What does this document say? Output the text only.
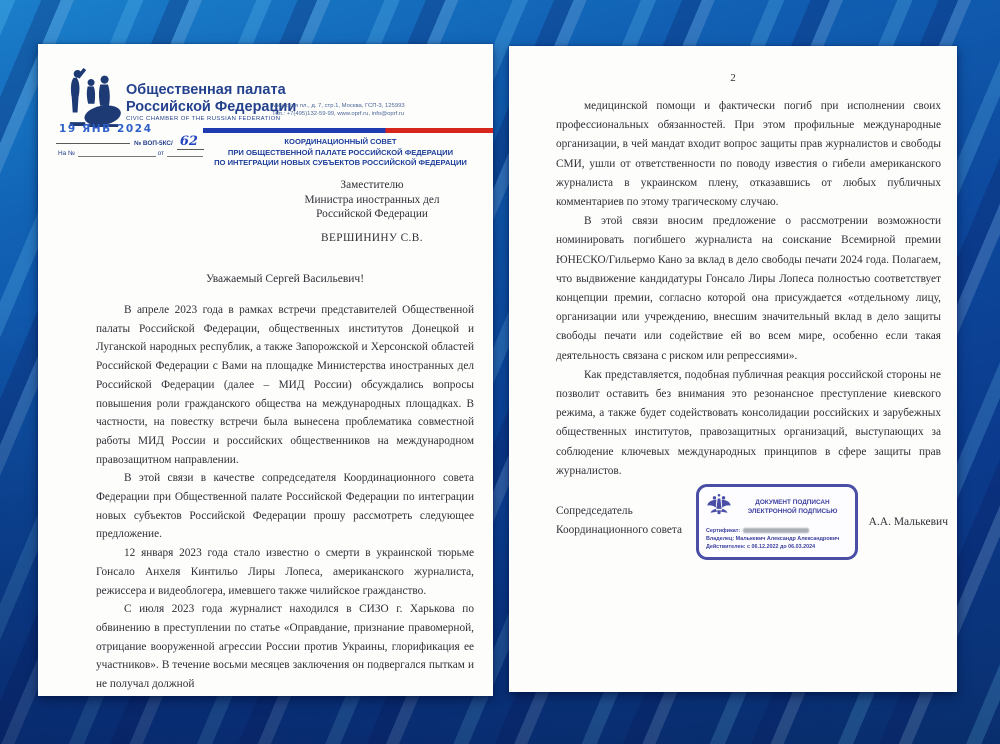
Общественная палата
Российской Федерации
CIVIC CHAMBER OF THE RUSSIAN FEDERATION
Миусская пл., д. 7, стр.1, Москва, ГСП-3, 125993
Тел.: +7(495)132-59-99, www.oprf.ru, info@oprf.ru
КООРДИНАЦИОННЫЙ СОВЕТ
ПРИ ОБЩЕСТВЕННОЙ ПАЛАТЕ РОССИЙСКОЙ ФЕДЕРАЦИИ
ПО ИНТЕГРАЦИИ НОВЫХ СУБЪЕКТОВ РОССИЙСКОЙ ФЕДЕРАЦИИ
19 ЯНВ 2024
№ ВОП-5КС/ 62
На №	от
Заместителю
Министра иностранных дел
Российской Федерации
ВЕРШИНИНУ С.В.
Уважаемый Сергей Васильевич!

В апреле 2023 года в рамках встречи представителей Общественной палаты Российской Федерации, общественных институтов Донецкой и Луганской народных республик, а также Запорожской и Херсонской областей Российской Федерации с Вами на площадке Министерства иностранных дел Российской Федерации (далее – МИД России) обсуждались вопросы повышения роли гражданского общества на международных площадках. В частности, на повестку встречи была вынесена проблематика совместной работы МИД России и российских общественников на международном правозащитном направлении.

В этой связи в качестве сопредседателя Координационного совета Федерации при Общественной палате Российской Федерации по интеграции новых субъектов Российской Федерации прошу рассмотреть следующее предложение.

12 января 2023 года стало известно о смерти в украинской тюрьме Гонсало Анхеля Кинтильо Лиры Лопеса, американского журналиста, режиссера и видеоблогера, имевшего также чилийское гражданство.

С июля 2023 года журналист находился в СИЗО г. Харькова по обвинению в преступлении по статье «Оправдание, признание правомерной, отрицание вооруженной агрессии России против Украины, глорификация ее участников». В течение восьми месяцев заключения он подвергался пыткам и не получал должной

2

медицинской помощи и фактически погиб при исполнении своих профессиональных обязанностей. При этом профильные международные организации, в чей мандат входит вопрос защиты прав журналистов и свободы СМИ, ушли от ответственности по поводу известия о гибели американского журналиста в украинском плену, отказавшись от любых публичных комментариев по этому трагическому случаю.

В этой связи вносим предложение о рассмотрении возможности номинировать погибшего журналиста на соискание Всемирной премии ЮНЕСКО/Гильермо Кано за вклад в дело свободы печати 2024 года. Полагаем, что выдвижение кандидатуры Гонсало Лиры Лопеса полностью соответствует концепции премии, согласно которой она присуждается «отдельному лицу, организации или учреждению, внесшим значительный вклад в дело защиты свободы печати или содействие ей во всем мире, особенно если такая деятельность связана с риском или репрессиями».

Как представляется, подобная публичная реакция российской стороны не позволит оставить без внимания это резонансное преступление киевского режима, а также будет содействовать консолидации российских и зарубежных общественных институтов, правозащитных организаций, выступающих за соблюдение ключевых международных принципов в сфере защиты прав журналистов.

Сопредседатель
Координационного совета
ДОКУМЕНТ ПОДПИСАН
ЭЛЕКТРОННОЙ ПОДПИСЬЮ
Сертификат:
Владелец: Малькевич Александр Александрович
Действителен: с 06.12.2022 до 06.03.2024
А.А. Малькевич
